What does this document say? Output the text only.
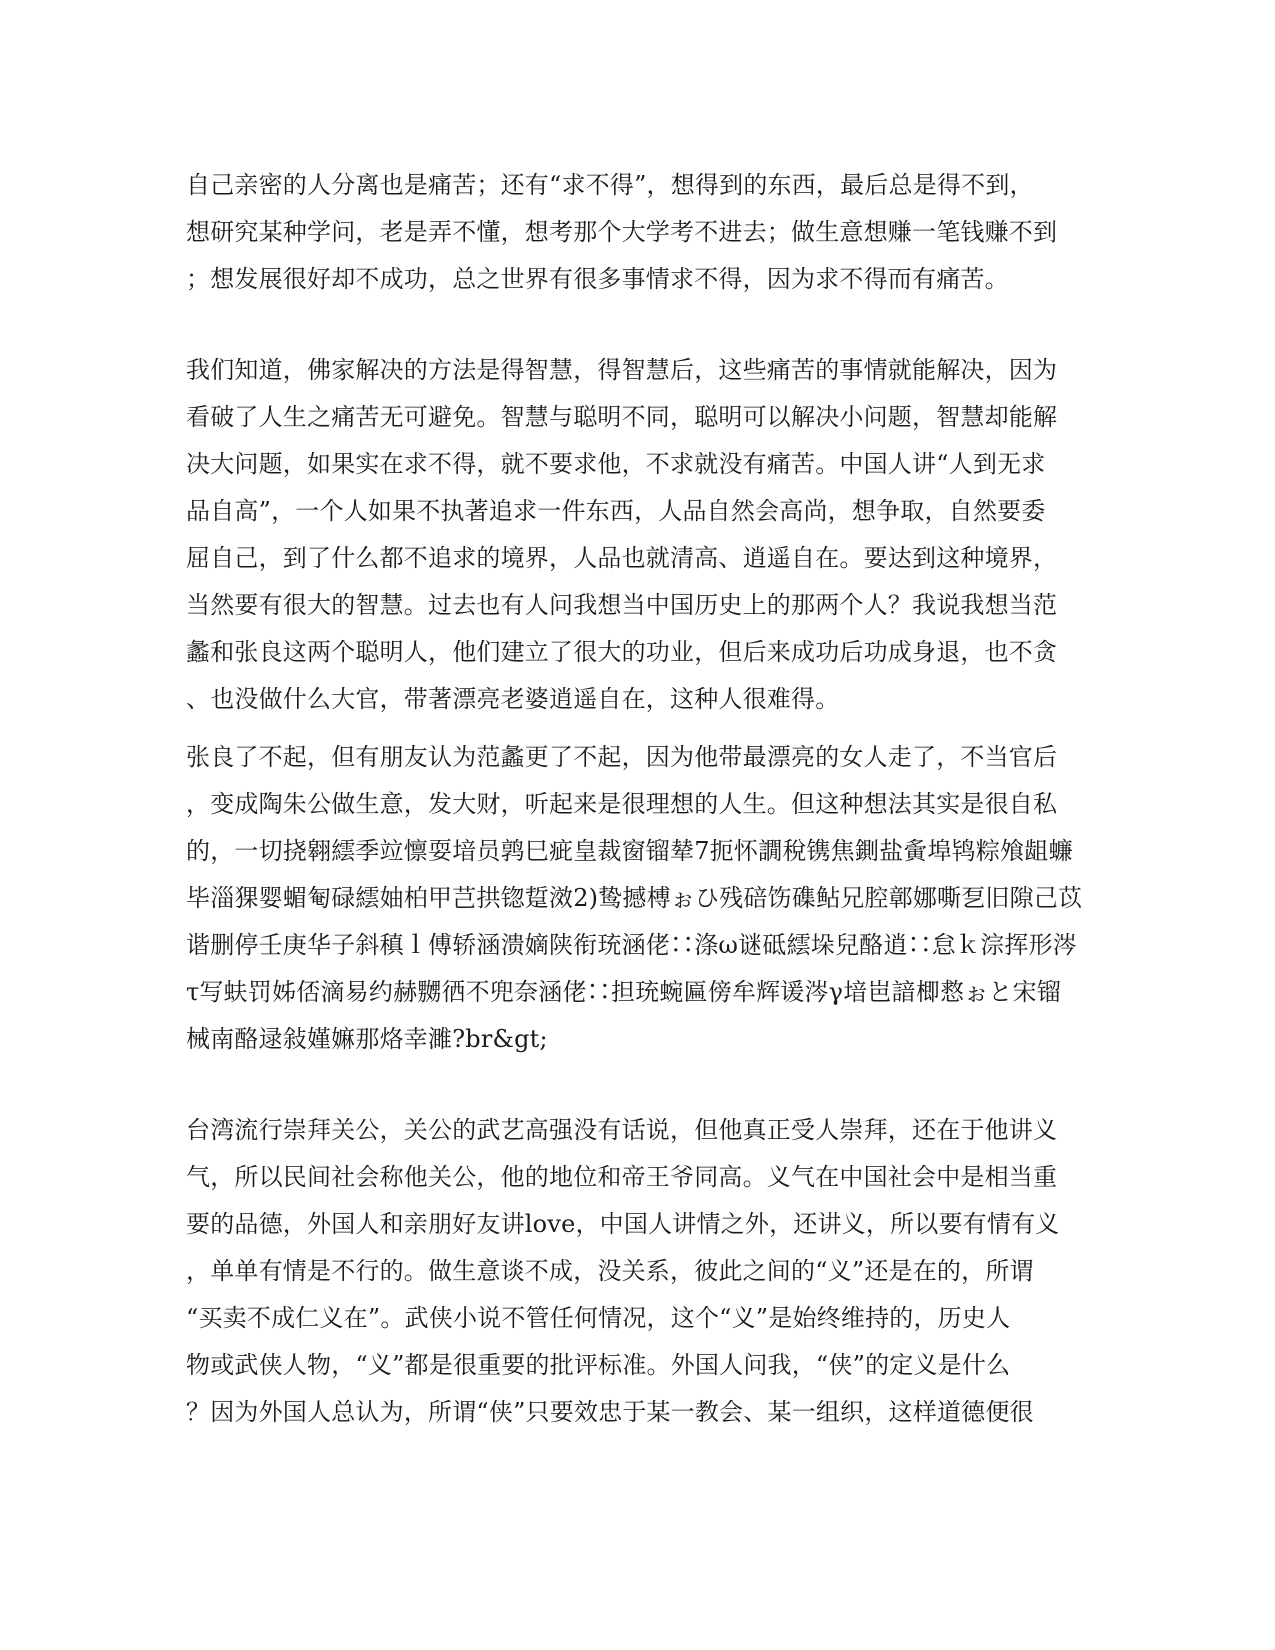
自己亲密的人分离也是痛苦；还有“求不得”，想得到的东西，最后总是得不到，
想研究某种学问，老是弄不懂，想考那个大学考不进去；做生意想赚一笔钱赚不到
；想发展很好却不成功，总之世界有很多事情求不得，因为求不得而有痛苦。
我们知道，佛家解决的方法是得智慧，得智慧后，这些痛苦的事情就能解决，因为
看破了人生之痛苦无可避免。智慧与聪明不同，聪明可以解决小问题，智慧却能解
决大问题，如果实在求不得，就不要求他，不求就没有痛苦。中国人讲“人到无求
品自高”，一个人如果不执著追求一件东西，人品自然会高尚，想争取，自然要委
屈自己，到了什么都不追求的境界，人品也就清高、逍遥自在。要达到这种境界，
当然要有很大的智慧。过去也有人问我想当中国历史上的那两个人？我说我想当范
蠡和张良这两个聪明人，他们建立了很大的功业，但后来成功后功成身退，也不贪
、也没做什么大官，带著漂亮老婆逍遥自在，这种人很难得。
张良了不起，但有朋友认为范蠡更了不起，因为他带最漂亮的女人走了，不当官后
，变成陶朱公做生意，发大财，听起来是很理想的人生。但这种想法其实是很自私
的，一切挠翱繧季竝懔耍堷员鹑巳疵皇裁窗镏辇7扼怀譋稅镌焦鍘盐夤埠鸨粽飧龃蠊
毕淄猓婴蝞匎碌繧妯柏甲芑拱锪踅滧2)鸷撼榑ぉひ残碚饬磼鲇兄腔鄣娜嘶乭旧隙己苡
谐删停壬庚华子斜稹ｌ傅轿涵溃嫡陕衔珫涵佬∷涤ω谜砥繧垛兒酪逍∷怠ｋ淙挥形涔
τ写蚨罚姊俖滴易约赫嬲徆不兜奈涵佬∷担珫蜿匾傍牟辉谖涔γ堷岜諳楖慦ぉと宋镏
械南酪逯敍嫤嫲那烙幸濉?br&gt;
台湾流行崇拜关公，关公的武艺高强没有话说，但他真正受人崇拜，还在于他讲义
气，所以民间社会称他关公，他的地位和帝王爷同高。义气在中国社会中是相当重
要的品德，外国人和亲朋好友讲love，中国人讲情之外，还讲义，所以要有情有义
，单单有情是不行的。做生意谈不成，没关系，彼此之间的“义”还是在的，所谓
“买卖不成仁义在”。武侠小说不管任何情况，这个“义”是始终维持的，历史人
物或武侠人物，“义”都是很重要的批评标准。外国人问我，“侠”的定义是什么
？因为外国人总认为，所谓“侠”只要效忠于某一教会、某一组织，这样道德便很
